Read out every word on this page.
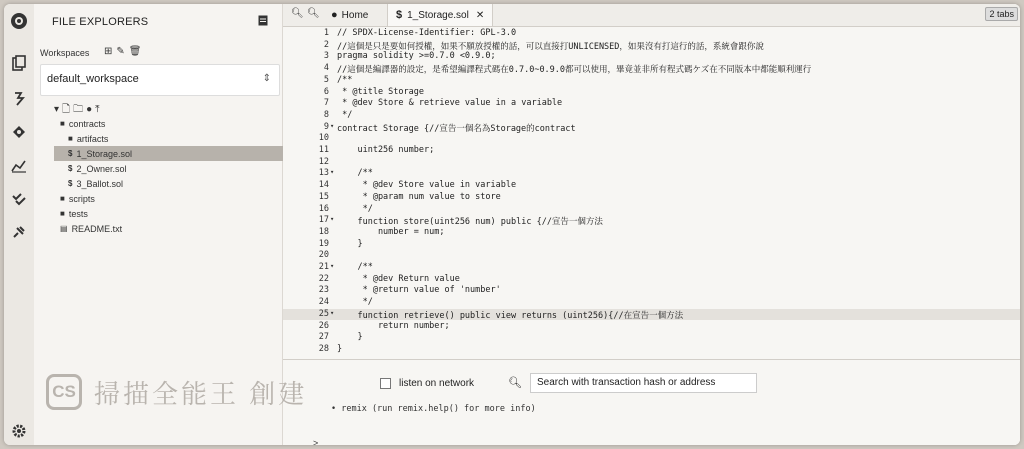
FILE EXPLORERS
Workspaces ⊞✎🗑
default_workspace	⇕
▾🗋🗀●⤒
■ contracts
■ artifacts
$ 1_Storage.sol
$ 2_Owner.sol
$ 3_Ballot.sol
■ scripts
■ tests
▤ README.txt
🔍︎ 🔍︎ ● Home	$ 1_Storage.sol ✕	2 tabs
1 // SPDX-License-Identifier: GPL-3.0
2 //這個是只是要如何授權，如果不願放授權的話，可以直接打UNLICENSED，如果沒有打這行的話，系統會跟你說
3 pragma solidity >=0.7.0 <0.9.0;
4 //這個是編譯器的設定，是希望編譯程式碼在0.7.0~0.9.0都可以使用，畢竟並非所有程式碼ケズ在不同版本中都能順利運行
5 /**
6 * @title Storage
7 * @dev Store & retrieve value in a variable
8 */
9 ▾ contract Storage {//宣告一個名為Storage的contract
10
11 uint256 number;
12
13 ▾ /**
14 * @dev Store value in variable
15 * @param num value to store
16 */
17 ▾ function store(uint256 num) public {//宣告一個方法
18 number = num;
19 }
20
21 ▾ /**
22 * @dev Return value
23 * @return value of 'number'
24 */
25 ▾ function retrieve() public view returns (uint256){//在宣告一個方法
26 return number;
27 }
28 }
listen on network	🔍︎ Search with transaction hash or address
• remix (run remix.help() for more info)
>
CS 掃描全能王 創建
